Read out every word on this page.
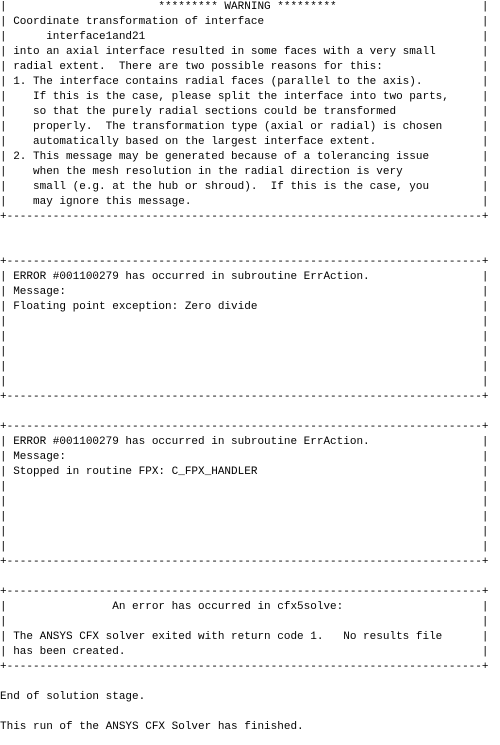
|                       ********* WARNING *********                      |
| Coordinate transformation of interface                                 |
|      interface1and21                                                   |
| into an axial interface resulted in some faces with a very small       |
| radial extent.  There are two possible reasons for this:               |
| 1. The interface contains radial faces (parallel to the axis).         |
|    If this is the case, please split the interface into two parts,     |
|    so that the purely radial sections could be transformed             |
|    properly.  The transformation type (axial or radial) is chosen      |
|    automatically based on the largest interface extent.                |
| 2. This message may be generated because of a tolerancing issue        |
|    when the mesh resolution in the radial direction is very            |
|    small (e.g. at the hub or shroud).  If this is the case, you        |
|    may ignore this message.                                            |
+------------------------------------------------------------------------+
+------------------------------------------------------------------------+
| ERROR #001100279 has occurred in subroutine ErrAction.                 |
| Message:                                                               |
| Floating point exception: Zero divide                                  |
|                                                                        |
|                                                                        |
|                                                                        |
|                                                                        |
|                                                                        |
+------------------------------------------------------------------------+
+------------------------------------------------------------------------+
| ERROR #001100279 has occurred in subroutine ErrAction.                 |
| Message:                                                               |
| Stopped in routine FPX: C_FPX_HANDLER                                  |
|                                                                        |
|                                                                        |
|                                                                        |
|                                                                        |
|                                                                        |
+------------------------------------------------------------------------+
+------------------------------------------------------------------------+
|                An error has occurred in cfx5solve:                     |
|                                                                        |
| The ANSYS CFX solver exited with return code 1.   No results file      |
| has been created.                                                      |
+------------------------------------------------------------------------+
End of solution stage.
This run of the ANSYS CFX Solver has finished.
